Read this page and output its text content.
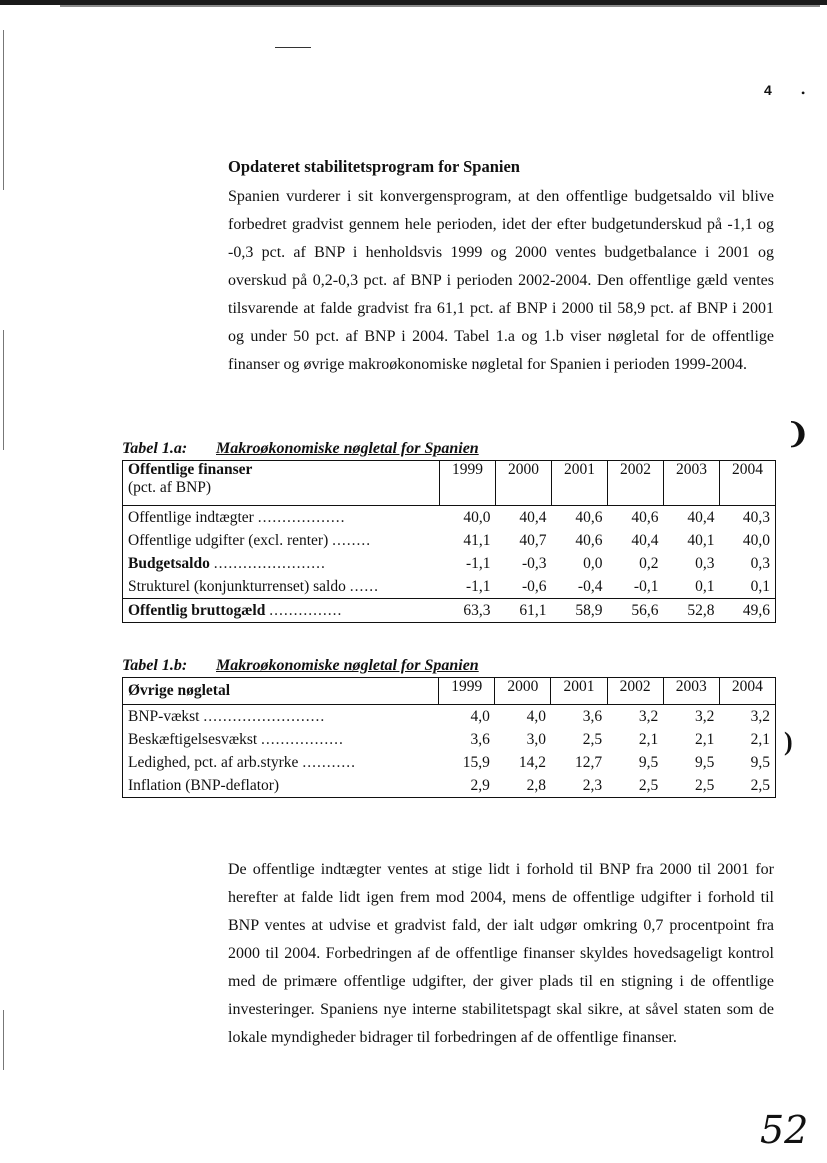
4 •
Opdateret stabilitetsprogram for Spanien
Spanien vurderer i sit konvergensprogram, at den offentlige budgetsaldo vil blive forbedret gradvist gennem hele perioden, idet der efter budgetunderskud på -1,1 og -0,3 pct. af BNP i henholdsvis 1999 og 2000 ventes budgetbalance i 2001 og overskud på 0,2-0,3 pct. af BNP i perioden 2002-2004. Den offentlige gæld ventes tilsvarende at falde gradvist fra 61,1 pct. af BNP i 2000 til 58,9 pct. af BNP i 2001 og under 50 pct. af BNP i 2004. Tabel 1.a og 1.b viser nøgletal for de offentlige finanser og øvrige makroøkonomiske nøgletal for Spanien i perioden 1999-2004.
❩
Tabel 1.a: Makroøkonomiske nøgletal for Spanien
Offentlige finanser
(pct. af BNP)	1999	2000	2001	2002	2003	2004
Offentlige indtægter ..................	40,0	40,4	40,6	40,6	40,4	40,3
Offentlige udgifter (excl. renter) ........	41,1	40,7	40,6	40,4	40,1	40,0
Budgetsaldo .......................	-1,1	-0,3	0,0	0,2	0,3	0,3
Strukturel (konjunkturrenset) saldo ......	-1,1	-0,6	-0,4	-0,1	0,1	0,1
Offentlig bruttogæld ...............	63,3	61,1	58,9	56,6	52,8	49,6
Tabel 1.b: Makroøkonomiske nøgletal for Spanien
Øvrige nøgletal	1999	2000	2001	2002	2003	2004
BNP-vækst .........................	4,0	4,0	3,6	3,2	3,2	3,2
Beskæftigelsesvækst .................	3,6	3,0	2,5	2,1	2,1	2,1
Ledighed, pct. af arb.styrke ...........	15,9	14,2	12,7	9,5	9,5	9,5
Inflation (BNP-deflator)	2,9	2,8	2,3	2,5	2,5	2,5
)
De offentlige indtægter ventes at stige lidt i forhold til BNP fra 2000 til 2001 for herefter at falde lidt igen frem mod 2004, mens de offentlige udgifter i forhold til BNP ventes at udvise et gradvist fald, der ialt udgør omkring 0,7 procentpoint fra 2000 til 2004. Forbedringen af de offentlige finanser skyldes hovedsageligt kontrol med de primære offentlige udgifter, der giver plads til en stigning i de offentlige investeringer. Spaniens nye interne stabilitetspagt skal sikre, at såvel staten som de lokale myndigheder bidrager til forbedringen af de offentlige finanser.
52
